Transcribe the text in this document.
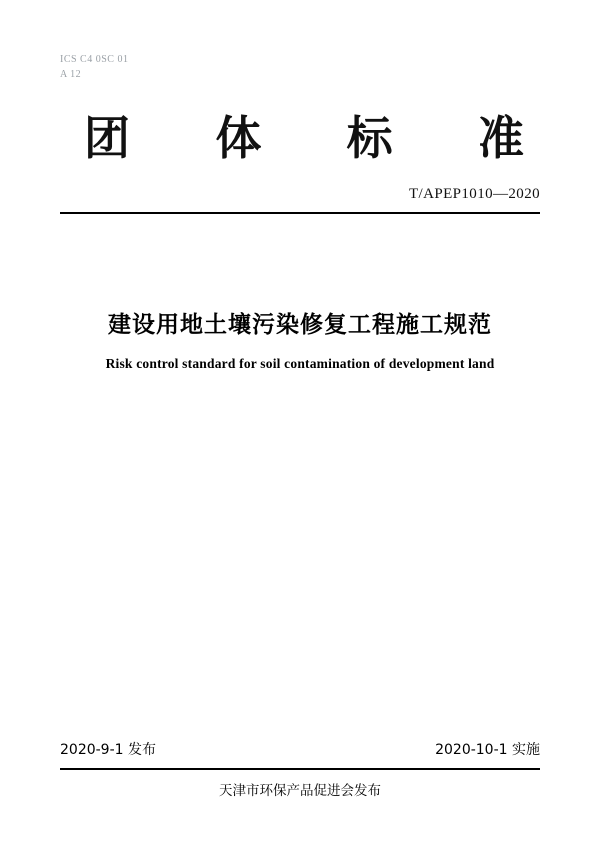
ICS C4 0SC 01
A 12
团 体 标 准
T/APEP1010—2020
建设用地土壤污染修复工程施工规范
Risk control standard for soil contamination of development land
2020-9-1 发布	2020-10-1 实施
天津市环保产品促进会发布
